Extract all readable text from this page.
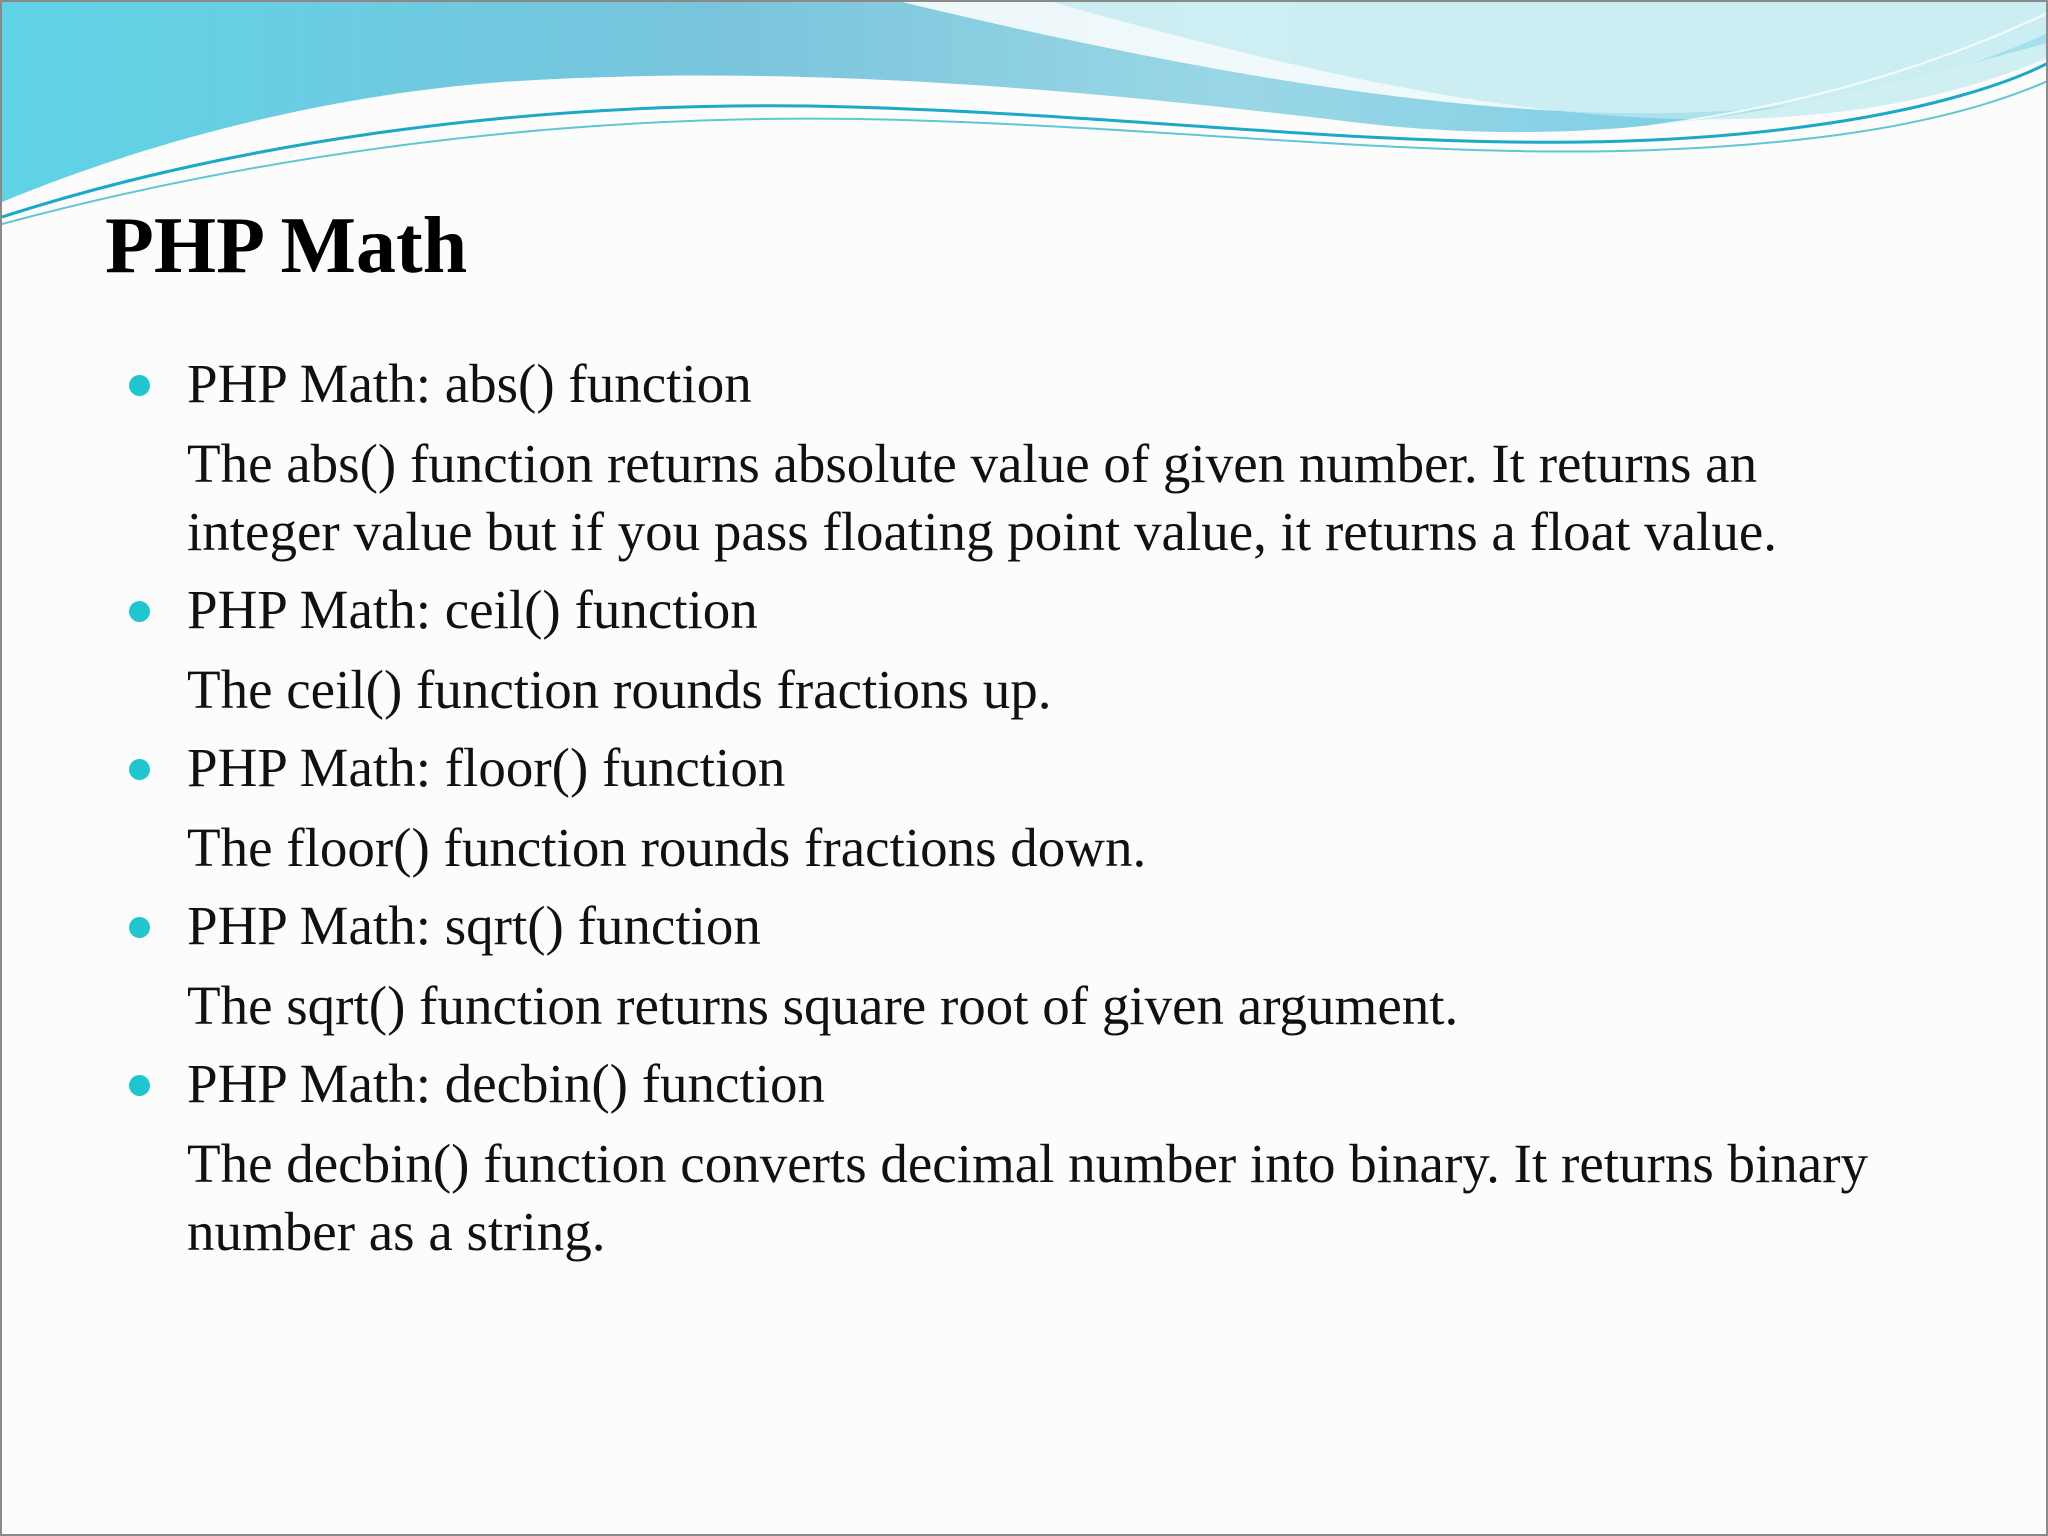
PHP Math
PHP Math: abs() function
The abs() function returns absolute value of given number. It returns an integer value but if you pass floating point value, it returns a float value.
PHP Math: ceil() function
The ceil() function rounds fractions up.
PHP Math: floor() function
The floor() function rounds fractions down.
PHP Math: sqrt() function
The sqrt() function returns square root of given argument.
PHP Math: decbin() function
The decbin() function converts decimal number into binary. It returns binary number as a string.
